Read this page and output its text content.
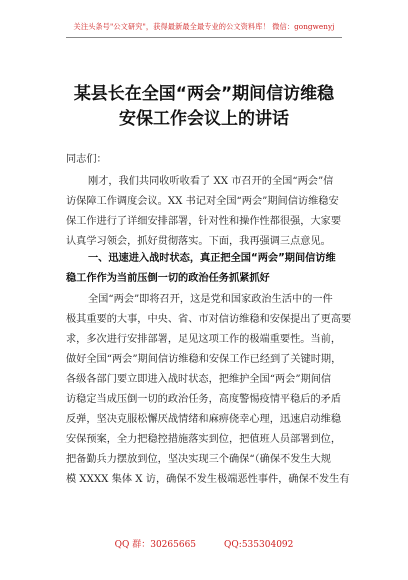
关注头条号"公文研究"，获得最新最全最专业的公文资料库！ 微信：gongwenyj
某县长在全国“两会”期间信访维稳
安保工作会议上的讲话
同志们：
刚才，我们共同收听收看了 XX 市召开的全国“两会”信
访保障工作调度会议。XX 书记对全国“两会”期间信访维稳安
保工作进行了详细安排部署，针对性和操作性都很强，大家要
认真学习领会，抓好贯彻落实。下面，我再强调三点意见。
一、迅速进入战时状态，真正把全国“两会”期间信访维
稳工作作为当前压倒一切的政治任务抓紧抓好
全国“两会”即将召开，这是党和国家政治生活中的一件
极其重要的大事，中央、省、市对信访维稳和安保提出了更高要
求，多次进行安排部署，足见这项工作的极端重要性。当前，
做好全国“两会”期间信访维稳和安保工作已经到了关键时期，
各级各部门要立即进入战时状态，把维护全国“两会”期间信
访稳定当成压倒一切的政治任务，高度警惕疫情平稳后的矛盾
反弹，坚决克服松懈厌战情绪和麻痹侥幸心理，迅速启动维稳
安保预案，全力把稳控措施落实到位，把值班人员部署到位，
把备勤兵力摆放到位，坚决实现三个确保“（确保不发生大规
模 XXXX 集体 X 访，确保不发生极端恶性事件，确保不发生有
QQ 群：30265665	QQ:535304092
